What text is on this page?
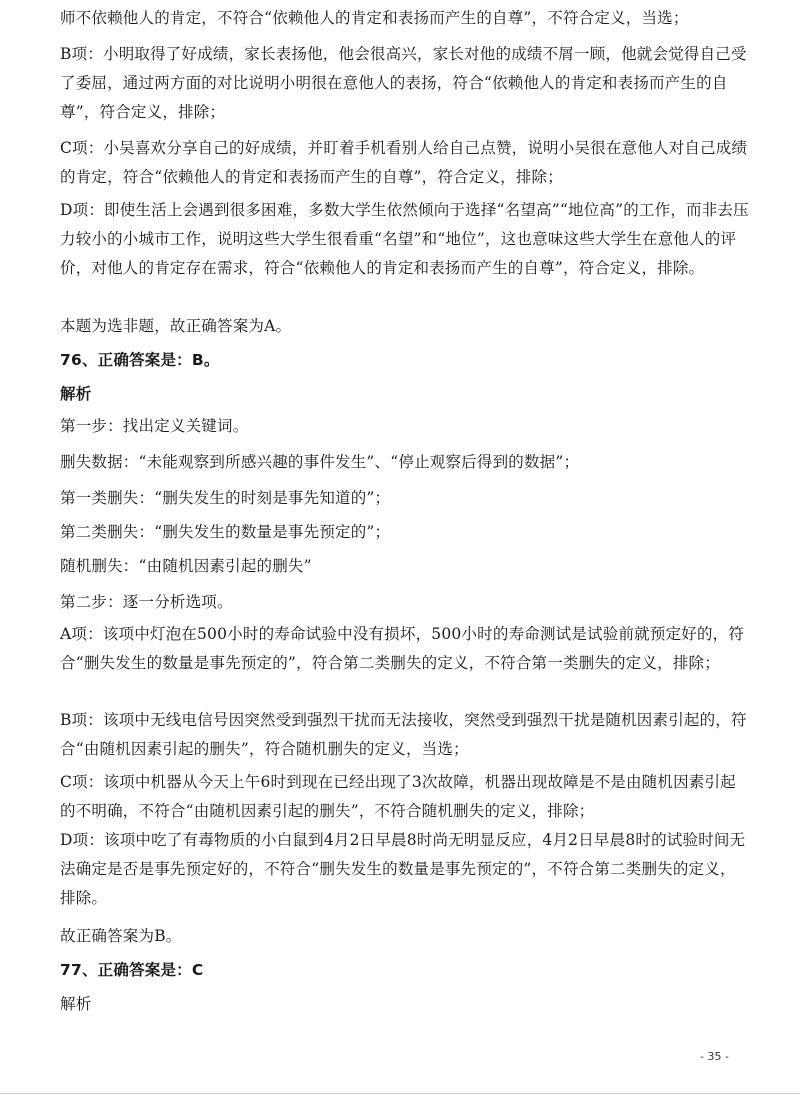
师不依赖他人的肯定，不符合“依赖他人的肯定和表扬而产生的自尊”，不符合定义，当选；

B项：小明取得了好成绩，家长表扬他，他会很高兴，家长对他的成绩不屑一顾，他就会觉得自己受了委屈，通过两方面的对比说明小明很在意他人的表扬，符合“依赖他人的肯定和表扬而产生的自尊”，符合定义，排除；

C项：小吴喜欢分享自己的好成绩，并盯着手机看别人给自己点赞，说明小吴很在意他人对自己成绩的肯定，符合“依赖他人的肯定和表扬而产生的自尊”，符合定义，排除；

D项：即使生活上会遇到很多困难，多数大学生依然倾向于选择“名望高”“地位高”的工作，而非去压力较小的小城市工作，说明这些大学生很看重“名望”和“地位”，这也意味这些大学生在意他人的评价，对他人的肯定存在需求，符合“依赖他人的肯定和表扬而产生的自尊”，符合定义，排除。

本题为选非题，故正确答案为A。

76、正确答案是：B。

解析

第一步：找出定义关键词。

删失数据：“未能观察到所感兴趣的事件发生”、“停止观察后得到的数据”；

第一类删失：“删失发生的时刻是事先知道的”；

第二类删失：“删失发生的数量是事先预定的”；

随机删失：“由随机因素引起的删失”

第二步：逐一分析选项。

A项：该项中灯泡在500小时的寿命试验中没有损坏，500小时的寿命测试是试验前就预定好的，符合“删失发生的数量是事先预定的”，符合第二类删失的定义，不符合第一类删失的定义，排除；

B项：该项中无线电信号因突然受到强烈干扰而无法接收，突然受到强烈干扰是随机因素引起的，符合“由随机因素引起的删失”，符合随机删失的定义，当选；

C项：该项中机器从今天上午6时到现在已经出现了3次故障，机器出现故障是不是由随机因素引起的不明确，不符合“由随机因素引起的删失”，不符合随机删失的定义，排除；

D项：该项中吃了有毒物质的小白鼠到4月2日早晨8时尚无明显反应，4月2日早晨8时的试验时间无法确定是否是事先预定好的，不符合“删失发生的数量是事先预定的”，不符合第二类删失的定义，排除。

故正确答案为B。

77、正确答案是：C

解析

- 35 -
